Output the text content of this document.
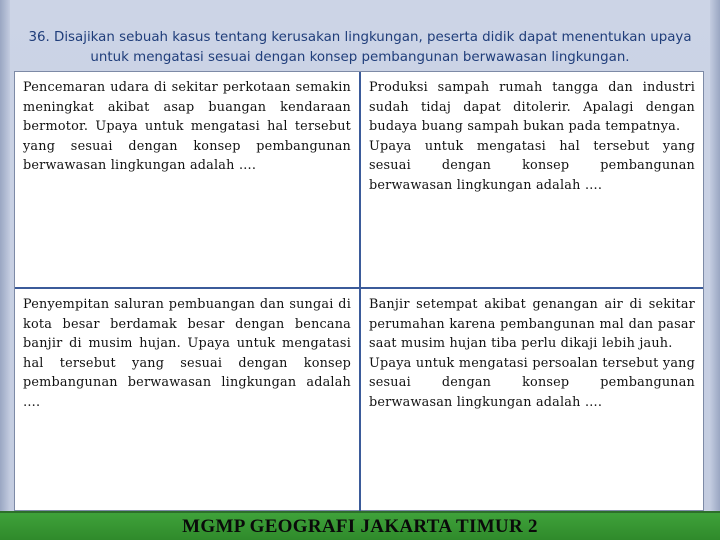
36. Disajikan sebuah kasus tentang kerusakan lingkungan, peserta didik dapat menentukan upaya untuk mengatasi sesuai dengan konsep pembangunan berwawasan lingkungan.
Pencemaran udara di sekitar perkotaan semakin meningkat akibat asap buangan kendaraan bermotor. Upaya untuk mengatasi hal tersebut yang sesuai dengan konsep pembangunan berwawasan lingkungan adalah ….
Produksi sampah rumah tangga dan industri sudah tidaj dapat ditolerir. Apalagi dengan budaya buang sampah bukan pada tempatnya.
Upaya untuk mengatasi hal tersebut yang sesuai dengan konsep pembangunan berwawasan lingkungan adalah ….
Penyempitan saluran pembuangan dan sungai di kota besar berdamak besar dengan bencana banjir di musim hujan. Upaya untuk mengatasi hal tersebut yang sesuai dengan konsep pembangunan berwawasan lingkungan adalah ….
Banjir setempat akibat genangan air di sekitar perumahan karena pembangunan mal dan pasar saat musim hujan tiba perlu dikaji lebih jauh.
Upaya untuk mengatasi persoalan tersebut yang sesuai dengan konsep pembangunan berwawasan lingkungan adalah ….
MGMP GEOGRAFI JAKARTA TIMUR 2
